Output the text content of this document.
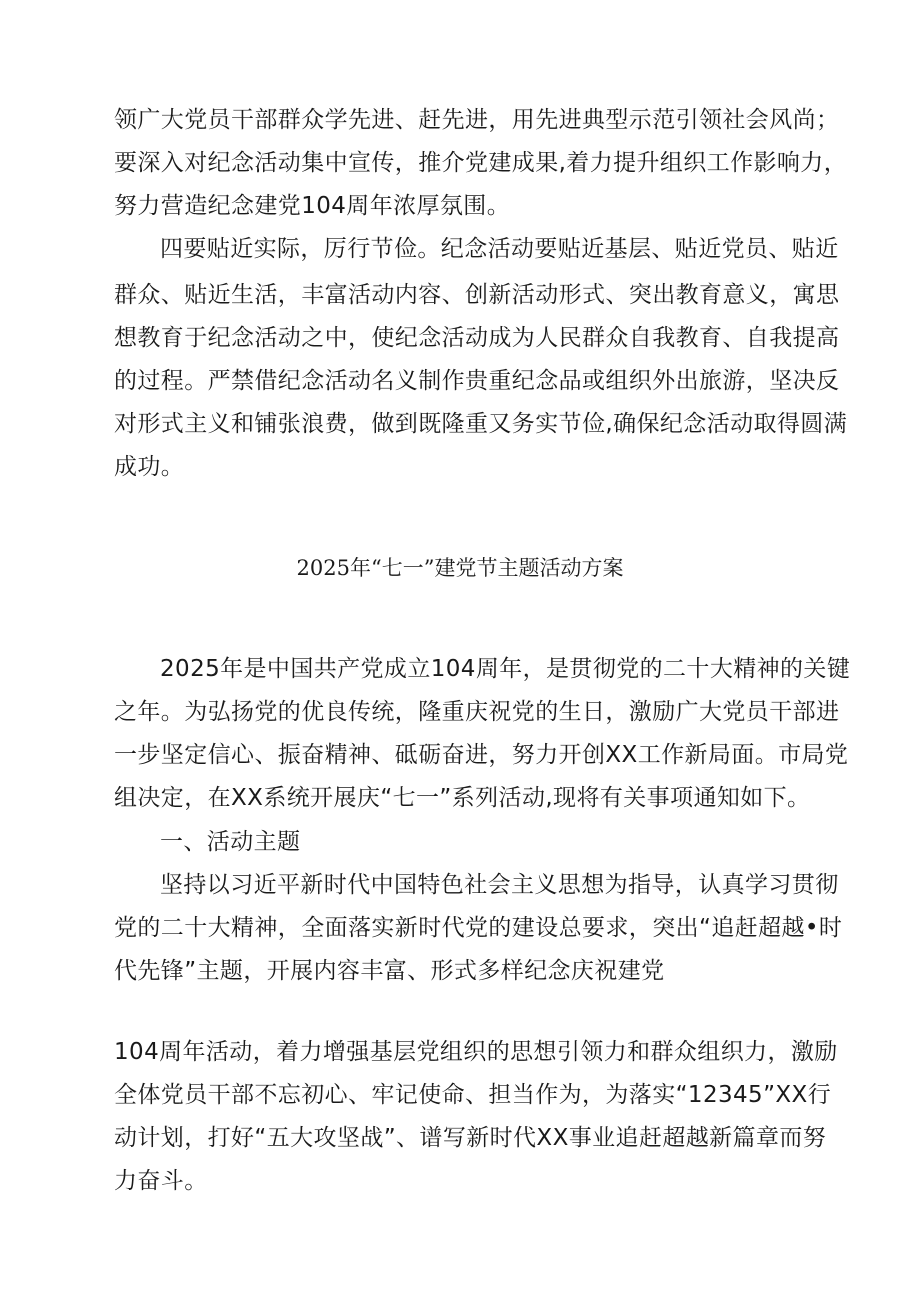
领广大党员干部群众学先进、赶先进，用先进典型示范引领社会风尚；
要深入对纪念活动集中宣传，推介党建成果,着力提升组织工作影响力，
努力营造纪念建党104周年浓厚氛围。
四要贴近实际，厉行节俭。纪念活动要贴近基层、贴近党员、贴近
群众、贴近生活，丰富活动内容、创新活动形式、突出教育意义，寓思
想教育于纪念活动之中，使纪念活动成为人民群众自我教育、自我提高
的过程。严禁借纪念活动名义制作贵重纪念品或组织外出旅游，坚决反
对形式主义和铺张浪费，做到既隆重又务实节俭,确保纪念活动取得圆满
成功。
2025年“七一”建党节主题活动方案
2025年是中国共产党成立104周年，是贯彻党的二十大精神的关键
之年。为弘扬党的优良传统，隆重庆祝党的生日，激励广大党员干部进
一步坚定信心、振奋精神、砥砺奋进，努力开创XX工作新局面。市局党
组决定，在XX系统开展庆“七一”系列活动,现将有关事项通知如下。
一、活动主题
坚持以习近平新时代中国特色社会主义思想为指导，认真学习贯彻
党的二十大精神，全面落实新时代党的建设总要求，突出“追赶超越•时
代先锋”主题，开展内容丰富、形式多样纪念庆祝建党
104周年活动，着力增强基层党组织的思想引领力和群众组织力，激励
全体党员干部不忘初心、牢记使命、担当作为，为落实“12345”XX行
动计划，打好“五大攻坚战”、谱写新时代XX事业追赶超越新篇章而努
力奋斗。
